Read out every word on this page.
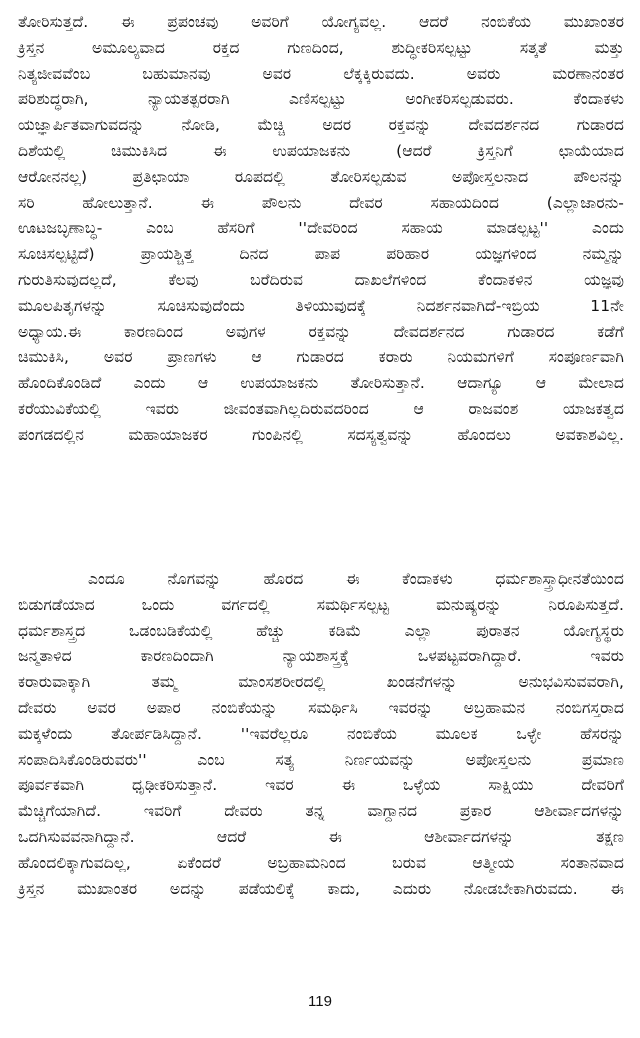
ತೋರಿಸುತ್ತದೆ. ಈ ಪ್ರಪಂಚವು ಅವರಿಗೆ ಯೋಗ್ಯವಲ್ಲ. ಆದರೆ ನಂಬಿಕೆಯ ಮುಖಾಂತರ
ಕ್ರಿಸ್ತನ ಅಮೂಲ್ಯವಾದ ರಕ್ತದ ಗುಣದಿಂದ, ಶುದ್ಧೀಕರಿಸಲ್ಪಟ್ಟು ಸತ್ಕತೆ ಮತ್ತು
ನಿತ್ಯಜೀವವೆಂಬ ಬಹುಮಾನವು ಅವರ ಲೆಕ್ಕಕ್ಕಿರುವದು. ಅವರು ಮರಣಾನಂತರ
ಪರಿಶುದ್ಧರಾಗಿ, ನ್ಯಾಯತತ್ಪರರಾಗಿ ಎಣಿಸಲ್ಪಟ್ಟು ಅಂಗೀಕರಿಸಲ್ಪಡುವರು. ಕೆಂದಾಕಳು
ಯಜ್ಞಾರ್ಪಿತವಾಗುವದನ್ನು ನೋಡಿ, ಮೆಚ್ಚಿ ಅದರ ರಕ್ತವನ್ನು ದೇವದರ್ಶನದ ಗುಡಾರದ
ದಿಶೆಯಲ್ಲಿ ಚಿಮುಕಿಸಿದ ಈ ಉಪಯಾಜಕನು (ಆದರೆ ಕ್ರಿಸ್ತನಿಗೆ ಛಾಯೆಯಾದ
ಆರೋನನಲ್ಲ) ಪ್ರತಿಛಾಯಾ ರೂಪದಲ್ಲಿ ತೋರಿಸಲ್ಪಡುವ ಅಪೋಸ್ತಲನಾದ ಪೌಲನನ್ನು
ಸರಿ ಹೋಲುತ್ತಾನೆ. ಈ ಪೌಲನು ದೇವರ ಸಹಾಯದಿಂದ (ಎಲ್ಲಾಜಾರನು-
ಊಟಜಬ್ಳಣಾಬ್ಧ- ಎಂಬ ಹೆಸರಿಗೆ ''ದೇವರಿಂದ ಸಹಾಯ ಮಾಡಲ್ಪಟ್ಟ'' ಎಂದು
ಸೂಚಿಸಲ್ಪಟ್ಟಿದೆ) ಪ್ರಾಯಶ್ಚಿತ್ತ ದಿನದ ಪಾಪ ಪರಿಹಾರ ಯಜ್ಞಗಳಿಂದ ನಮ್ಮನ್ನು
ಗುರುತಿಸುವುದಲ್ಲದೆ, ಕೆಲವು ಬರೆದಿರುವ ದಾಖಲೆಗಳಿಂದ ಕೆಂದಾಕಳಿನ ಯಜ್ಞವು
ಮೂಲಪಿತೃಗಳನ್ನು ಸೂಚಿಸುವುದೆಂದು ತಿಳಿಯುವುದಕ್ಕೆ ನಿದರ್ಶನವಾಗಿದೆ-ಇಬ್ರಿಯ 11ನೇ
ಅಧ್ಯಾಯ.ಈ ಕಾರಣದಿಂದ ಅವುಗಳ ರಕ್ತವನ್ನು ದೇವದರ್ಶನದ ಗುಡಾರದ ಕಡೆಗೆ
ಚಿಮುಕಿಸಿ, ಅವರ ಪ್ರಾಣಗಳು ಆ ಗುಡಾರದ ಕರಾರು ನಿಯಮಗಳಿಗೆ ಸಂಪೂರ್ಣವಾಗಿ
ಹೊಂದಿಕೊಂಡಿದೆ ಎಂದು ಆ ಉಪಯಾಜಕನು ತೋರಿಸುತ್ತಾನೆ. ಆದಾಗ್ಯೂ ಆ ಮೇಲಾದ
ಕರೆಯುವಿಕೆಯಲ್ಲಿ ಇವರು ಜೀವಂತವಾಗಿಲ್ಲದಿರುವದರಿಂದ ಆ ರಾಜವಂಶ ಯಾಜಕತ್ವದ
ಪಂಗಡದಲ್ಲಿನ ಮಹಾಯಾಜಕರ ಗುಂಪಿನಲ್ಲಿ ಸದಸ್ಯತ್ವವನ್ನು ಹೊಂದಲು ಅವಕಾಶವಿಲ್ಲ.
ಎಂದೂ ನೊಗವನ್ನು ಹೊರದ ಈ ಕೆಂದಾಕಳು ಧರ್ಮಶಾಸ್ತ್ರಾಧೀನತೆಯಿಂದ
ಬಿಡುಗಡೆಯಾದ ಒಂದು ವರ್ಗದಲ್ಲಿ ಸಮರ್ಥಿಸಲ್ಪಟ್ಟ ಮನುಷ್ಯರನ್ನು ನಿರೂಪಿಸುತ್ತದೆ.
ಧರ್ಮಶಾಸ್ತ್ರದ ಒಡಂಬಡಿಕೆಯಲ್ಲಿ ಹೆಚ್ಚು ಕಡಿಮೆ ಎಲ್ಲಾ ಪುರಾತನ ಯೋಗ್ಯಸ್ಥರು
ಜನ್ಮತಾಳಿದ ಕಾರಣದಿಂದಾಗಿ ನ್ಯಾಯಶಾಸ್ತ್ರಕ್ಕೆ ಒಳಪಟ್ಟವರಾಗಿದ್ದಾರೆ. ಇವರು
ಕರಾರುವಾಕ್ಕಾಗಿ ತಮ್ಮ ಮಾಂಸಶರೀರದಲ್ಲಿ ಖಂಡನೆಗಳನ್ನು ಅನುಭವಿಸುವವರಾಗಿ,
ದೇವರು ಅವರ ಅಪಾರ ನಂಬಿಕೆಯನ್ನು ಸಮರ್ಥಿಸಿ ಇವರನ್ನು ಅಬ್ರಹಾಮನ ನಂಬಿಗಸ್ತರಾದ
ಮಕ್ಕಳೆಂದು ತೋರ್ಪಡಿಸಿದ್ದಾನೆ. ''ಇವರೆಲ್ಲರೂ ನಂಬಿಕೆಯ ಮೂಲಕ ಒಳ್ಳೇ ಹೆಸರನ್ನು
ಸಂಪಾದಿಸಿಕೊಂಡಿರುವರು'' ಎಂಬ ಸತ್ಯ ನಿರ್ಣಯವನ್ನು ಅಪೋಸ್ತಲನು ಪ್ರಮಾಣ
ಪೂರ್ವಕವಾಗಿ ಧೃಢೀಕರಿಸುತ್ತಾನೆ. ಇವರ ಈ ಒಳ್ಳೆಯ ಸಾಕ್ಷಿಯು ದೇವರಿಗೆ
ಮೆಚ್ಚಿಗೆಯಾಗಿದೆ. ಇವರಿಗೆ ದೇವರು ತನ್ನ ವಾಗ್ದಾನದ ಪ್ರಕಾರ ಆಶೀರ್ವಾದಗಳನ್ನು
ಒದಗಿಸುವವನಾಗಿದ್ದಾನೆ. ಆದರೆ ಈ ಆಶೀರ್ವಾದಗಳನ್ನು ತಕ್ಷಣ
ಹೊಂದಲಿಕ್ಕಾಗುವದಿಲ್ಲ, ಏಕೆಂದರೆ ಅಬ್ರಹಾಮನಿಂದ ಬರುವ ಆತ್ಮೀಯ ಸಂತಾನವಾದ
ಕ್ರಿಸ್ತನ ಮುಖಾಂತರ ಅದನ್ನು ಪಡೆಯಲಿಕ್ಕೆ ಕಾದು, ಎದುರು ನೋಡಬೇಕಾಗಿರುವದು. ಈ
119
